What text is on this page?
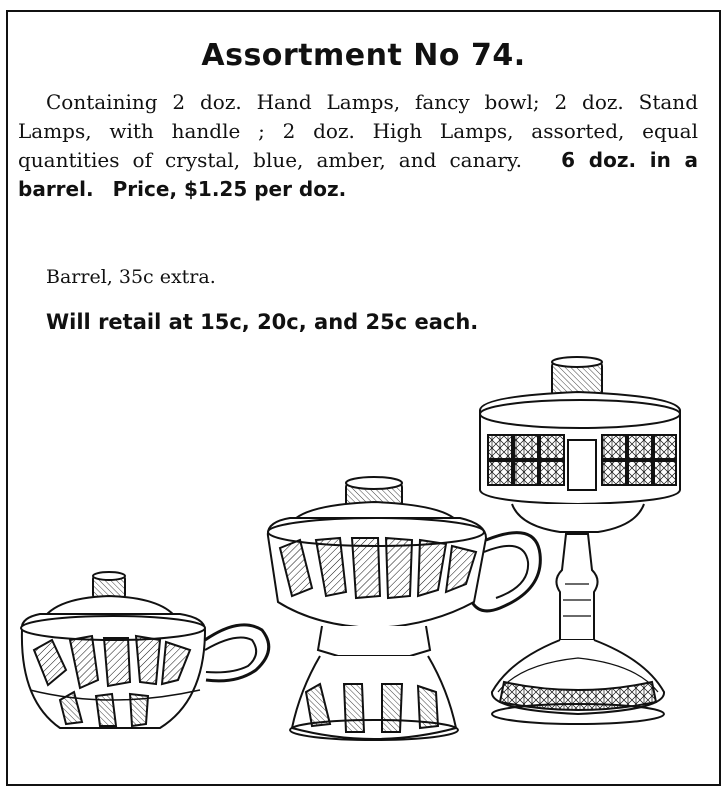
Assortment No 74.
Containing 2 doz. Hand Lamps, fancy bowl; 2 doz. Stand Lamps, with handle ; 2 doz. High Lamps, assorted, equal quantities of crystal, blue, amber, and canary. 6 doz. in a barrel. Price, $1.25 per doz.
Barrel, 35c extra.
Will retail at 15c, 20c, and 25c each.
